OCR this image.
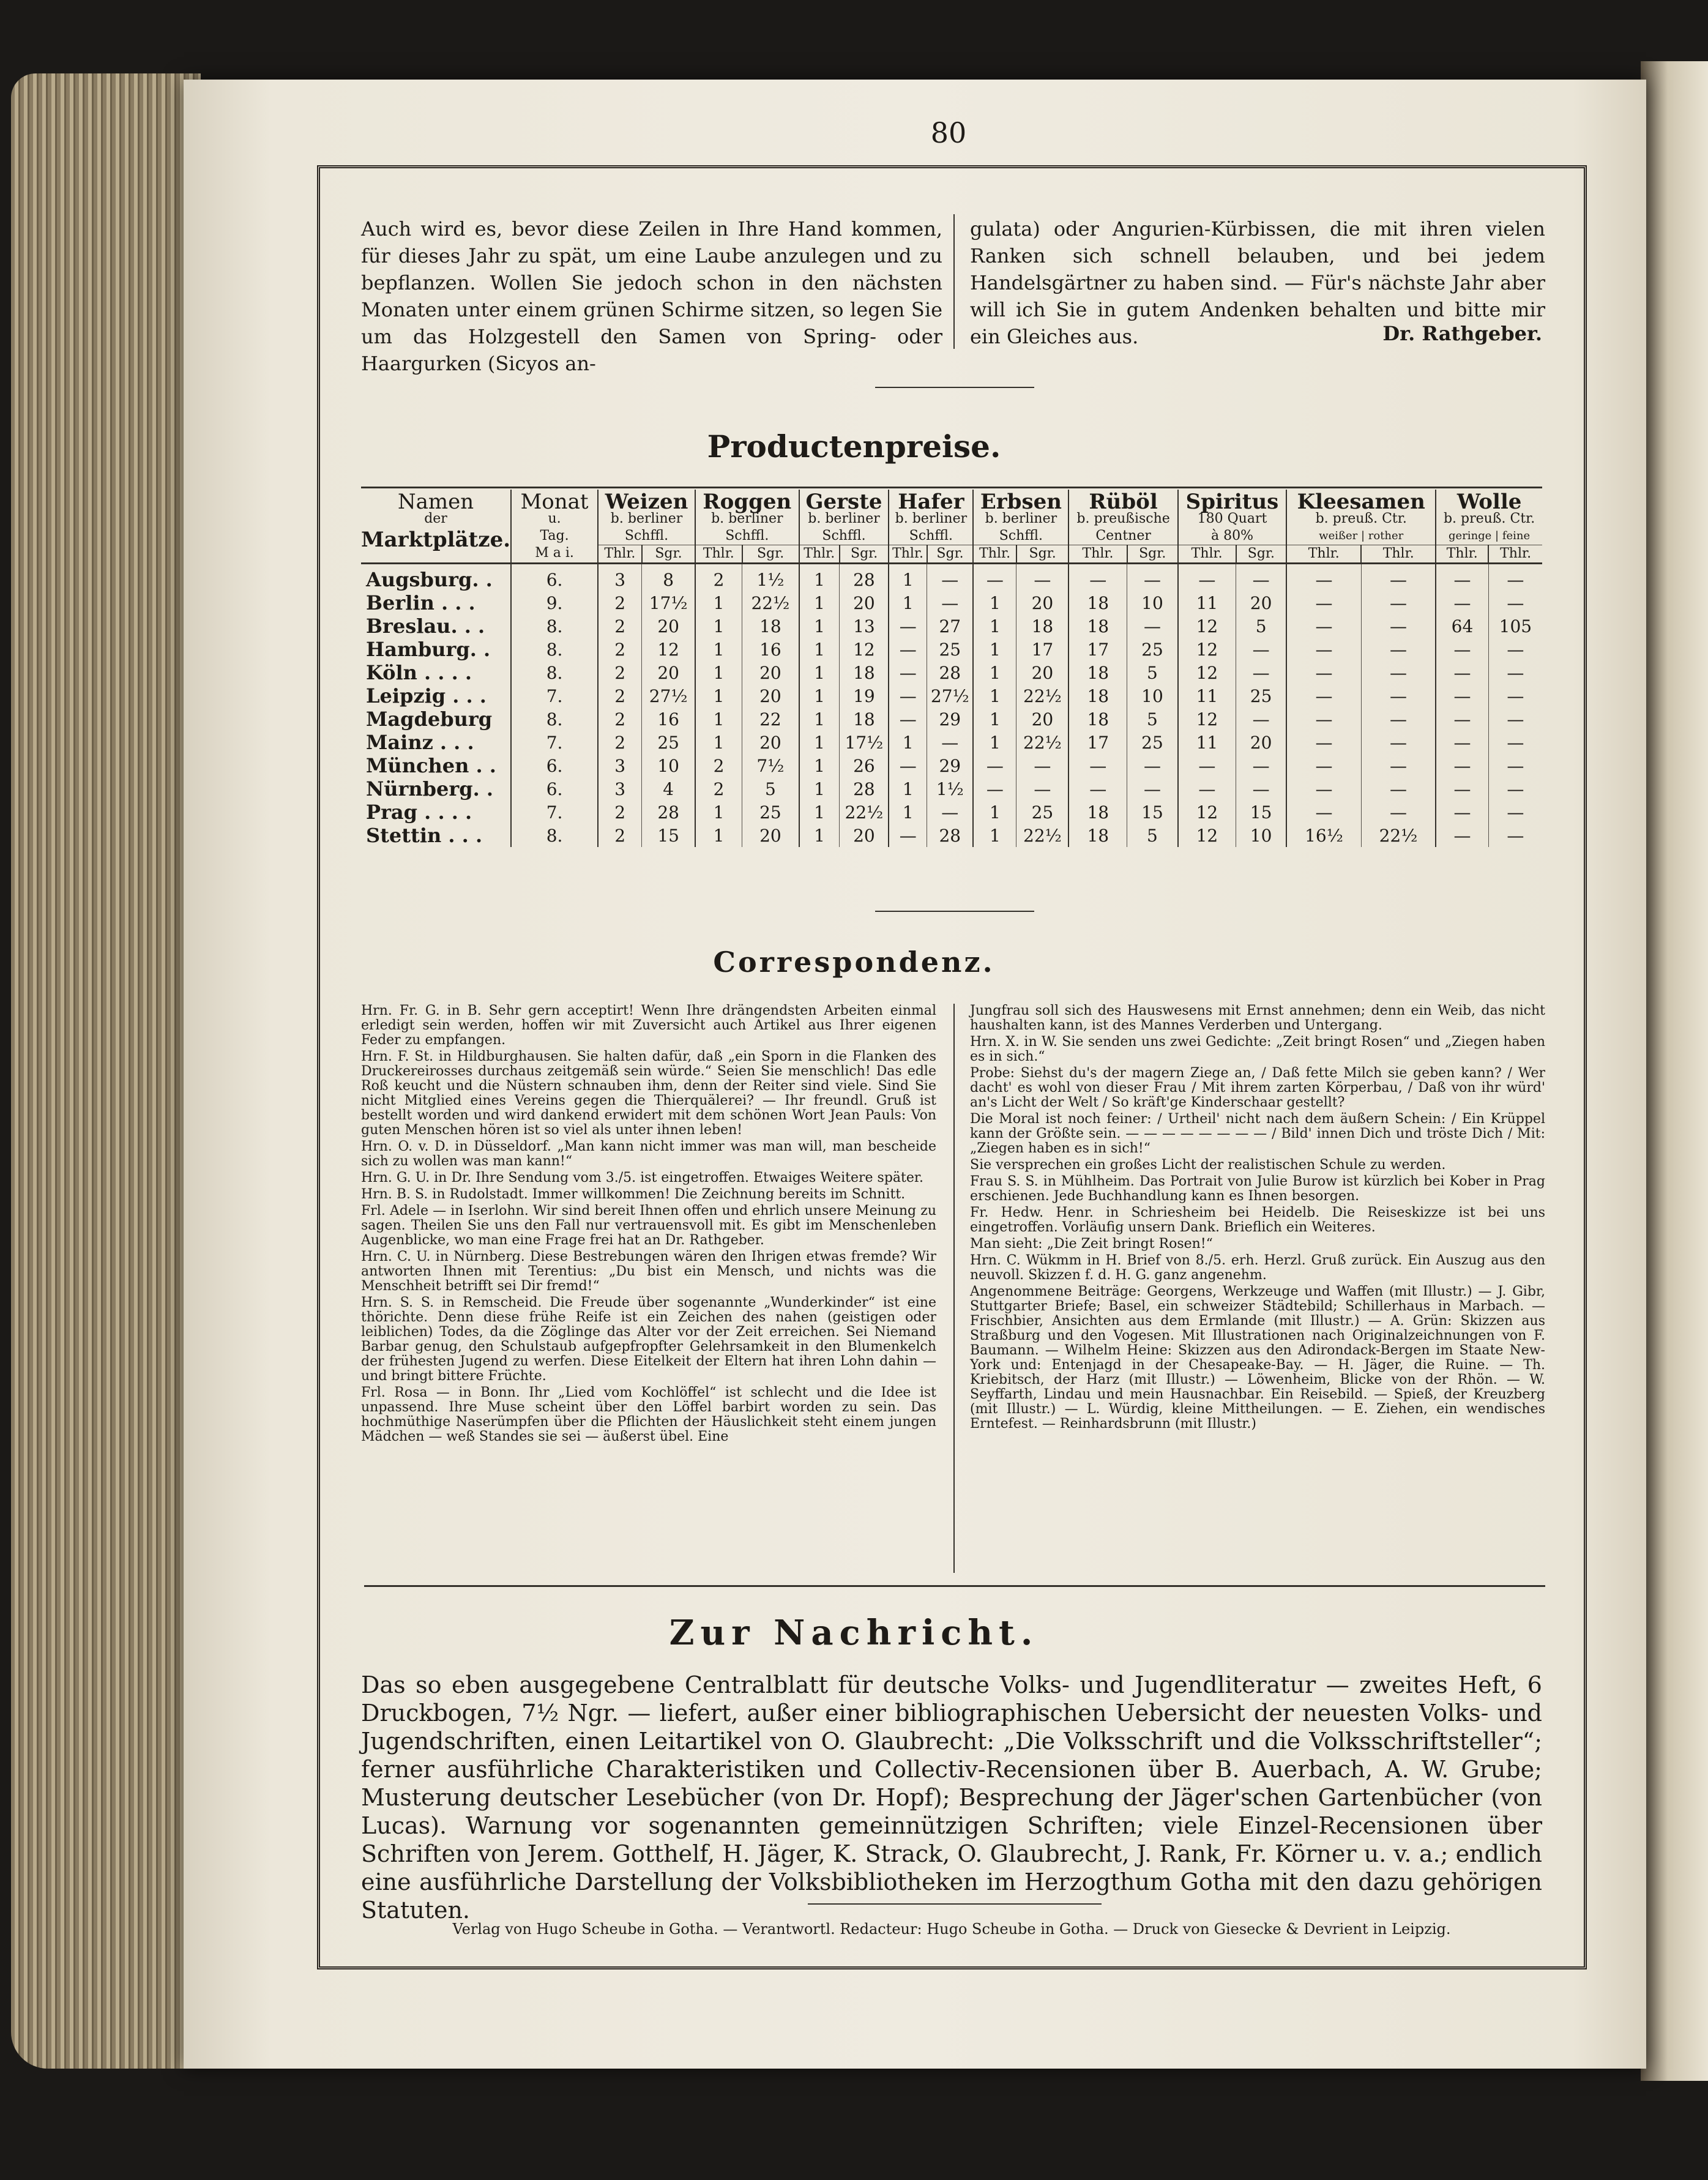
80
Auch wird es, bevor diese Zeilen in Ihre Hand kommen, für dieses Jahr zu spät, um eine Laube anzulegen und zu bepflanzen. Wollen Sie jedoch schon in den nächsten Monaten unter einem grünen Schirme sitzen, so legen Sie um das Holzgestell den Samen von Spring- oder Haargurken (Sicyos an-
gulata) oder Angurien-Kürbissen, die mit ihren vielen Ranken sich schnell belauben, und bei jedem Handelsgärtner zu haben sind. — Für's nächste Jahr aber will ich Sie in gutem Andenken behalten und bitte mir ein Gleiches aus.	Dr. Rathgeber.
Productenpreise.
Namen
der
Marktplätze.	Monat
u.
Tag.
M a i.	Weizen
b. berliner
Schffl.		Roggen
b. berliner
Schffl.		Gerste
b. berliner
Schffl.		Hafer
b. berliner
Schffl.		Erbsen
b. berliner
Schffl.		Rüböl
b. preußische
Centner		Spiritus
180 Quart
à 80%		Kleesamen
b. preuß. Ctr.
weißer | rother		Wolle
b. preuß. Ctr.
geringe | feine	

		Thlr.	Sgr.	Thlr.	Sgr.	Thlr.	Sgr.	Thlr.	Sgr.	Thlr.	Sgr.	Thlr.	Sgr.	Thlr.	Sgr.	Thlr.	Thlr.	Thlr.	Thlr.
Augsburg. .	6.	3	8	2	1½	1	28	1	—	—	—	—	—	—	—	—	—	—	—
Berlin . . .	9.	2	17½	1	22½	1	20	1	—	1	20	18	10	11	20	—	—	—	—
Breslau. . .	8.	2	20	1	18	1	13	—	27	1	18	18	—	12	5	—	—	64	105
Hamburg. .	8.	2	12	1	16	1	12	—	25	1	17	17	25	12	—	—	—	—	—
Köln . . . .	8.	2	20	1	20	1	18	—	28	1	20	18	5	12	—	—	—	—	—
Leipzig . . .	7.	2	27½	1	20	1	19	—	27½	1	22½	18	10	11	25	—	—	—	—
Magdeburg	8.	2	16	1	22	1	18	—	29	1	20	18	5	12	—	—	—	—	—
Mainz . . .	7.	2	25	1	20	1	17½	1	—	1	22½	17	25	11	20	—	—	—	—
München . .	6.	3	10	2	7½	1	26	—	29	—	—	—	—	—	—	—	—	—	—
Nürnberg. .	6.	3	4	2	5	1	28	1	1½	—	—	—	—	—	—	—	—	—	—
Prag . . . .	7.	2	28	1	25	1	22½	1	—	1	25	18	15	12	15	—	—	—	—
Stettin . . .	8.	2	15	1	20	1	20	—	28	1	22½	18	5	12	10	16½	22½	—	—
Correspondenz.

Hrn. Fr. G. in B. Sehr gern acceptirt! Wenn Ihre drängendsten Arbeiten einmal erledigt sein werden, hoffen wir mit Zuversicht auch Artikel aus Ihrer eigenen Feder zu empfangen.

Hrn. F. St. in Hildburghausen. Sie halten dafür, daß „ein Sporn in die Flanken des Druckereirosses durchaus zeitgemäß sein würde.“ Seien Sie menschlich! Das edle Roß keucht und die Nüstern schnauben ihm, denn der Reiter sind viele. Sind Sie nicht Mitglied eines Vereins gegen die Thierquälerei? — Ihr freundl. Gruß ist bestellt worden und wird dankend erwidert mit dem schönen Wort Jean Pauls: Von guten Menschen hören ist so viel als unter ihnen leben!

Hrn. O. v. D. in Düsseldorf. „Man kann nicht immer was man will, man bescheide sich zu wollen was man kann!“

Hrn. G. U. in Dr. Ihre Sendung vom 3./5. ist eingetroffen. Etwaiges Weitere später.

Hrn. B. S. in Rudolstadt. Immer willkommen! Die Zeichnung bereits im Schnitt.

Frl. Adele — in Iserlohn. Wir sind bereit Ihnen offen und ehrlich unsere Meinung zu sagen. Theilen Sie uns den Fall nur vertrauensvoll mit. Es gibt im Menschenleben Augenblicke, wo man eine Frage frei hat an Dr. Rathgeber.

Hrn. C. U. in Nürnberg. Diese Bestrebungen wären den Ihrigen etwas fremde? Wir antworten Ihnen mit Terentius: „Du bist ein Mensch, und nichts was die Menschheit betrifft sei Dir fremd!“

Hrn. S. S. in Remscheid. Die Freude über sogenannte „Wunderkinder“ ist eine thörichte. Denn diese frühe Reife ist ein Zeichen des nahen (geistigen oder leiblichen) Todes, da die Zöglinge das Alter vor der Zeit erreichen. Sei Niemand Barbar genug, den Schulstaub aufgepfropfter Gelehrsamkeit in den Blumenkelch der frühesten Jugend zu werfen. Diese Eitelkeit der Eltern hat ihren Lohn dahin — und bringt bittere Früchte.

Frl. Rosa — in Bonn. Ihr „Lied vom Kochlöffel“ ist schlecht und die Idee ist unpassend. Ihre Muse scheint über den Löffel barbirt worden zu sein. Das hochmüthige Naserümpfen über die Pflichten der Häuslichkeit steht einem jungen Mädchen — weß Standes sie sei — äußerst übel. Eine

Jungfrau soll sich des Hauswesens mit Ernst annehmen; denn ein Weib, das nicht haushalten kann, ist des Mannes Verderben und Untergang.

Hrn. X. in W. Sie senden uns zwei Gedichte: „Zeit bringt Rosen“ und „Ziegen haben es in sich.“

Probe: Siehst du's der magern Ziege an, / Daß fette Milch sie geben kann? / Wer dacht' es wohl von dieser Frau / Mit ihrem zarten Körperbau, / Daß von ihr würd' an's Licht der Welt / So kräft'ge Kinderschaar gestellt?

Die Moral ist noch feiner: / Urtheil' nicht nach dem äußern Schein: / Ein Krüppel kann der Größte sein. — — — — — — — — / Bild' innen Dich und tröste Dich / Mit: „Ziegen haben es in sich!“

Sie versprechen ein großes Licht der realistischen Schule zu werden.

Frau S. S. in Mühlheim. Das Portrait von Julie Burow ist kürzlich bei Kober in Prag erschienen. Jede Buchhandlung kann es Ihnen besorgen.

Fr. Hedw. Henr. in Schriesheim bei Heidelb. Die Reiseskizze ist bei uns eingetroffen. Vorläufig unsern Dank. Brieflich ein Weiteres.

Man sieht: „Die Zeit bringt Rosen!“

Hrn. C. Wükmm in H. Brief von 8./5. erh. Herzl. Gruß zurück. Ein Auszug aus den neuvoll. Skizzen f. d. H. G. ganz angenehm.

Angenommene Beiträge: Georgens, Werkzeuge und Waffen (mit Illustr.) — J. Gibr, Stuttgarter Briefe; Basel, ein schweizer Städtebild; Schillerhaus in Marbach. — Frischbier, Ansichten aus dem Ermlande (mit Illustr.) — A. Grün: Skizzen aus Straßburg und den Vogesen. Mit Illustrationen nach Originalzeichnungen von F. Baumann. — Wilhelm Heine: Skizzen aus den Adirondack-Bergen im Staate New-York und: Entenjagd in der Chesapeake-Bay. — H. Jäger, die Ruine. — Th. Kriebitsch, der Harz (mit Illustr.) — Löwenheim, Blicke von der Rhön. — W. Seyffarth, Lindau und mein Hausnachbar. Ein Reisebild. — Spieß, der Kreuzberg (mit Illustr.) — L. Würdig, kleine Mittheilungen. — E. Ziehen, ein wendisches Erntefest. — Reinhardsbrunn (mit Illustr.)

Zur Nachricht.
Das so eben ausgegebene Centralblatt für deutsche Volks- und Jugendliteratur — zweites Heft, 6 Druckbogen, 7½ Ngr. — liefert, außer einer bibliographischen Uebersicht der neuesten Volks- und Jugendschriften, einen Leitartikel von O. Glaubrecht: „Die Volksschrift und die Volksschriftsteller“; ferner ausführliche Charakteristiken und Collectiv-Recensionen über B. Auerbach, A. W. Grube; Musterung deutscher Lesebücher (von Dr. Hopf); Besprechung der Jäger'schen Gartenbücher (von Lucas). Warnung vor sogenannten gemeinnützigen Schriften; viele Einzel-Recensionen über Schriften von Jerem. Gotthelf, H. Jäger, K. Strack, O. Glaubrecht, J. Rank, Fr. Körner u. v. a.; endlich eine ausführliche Darstellung der Volksbibliotheken im Herzogthum Gotha mit den dazu gehörigen Statuten.
Verlag von Hugo Scheube in Gotha. — Verantwortl. Redacteur: Hugo Scheube in Gotha. — Druck von Giesecke & Devrient in Leipzig.
